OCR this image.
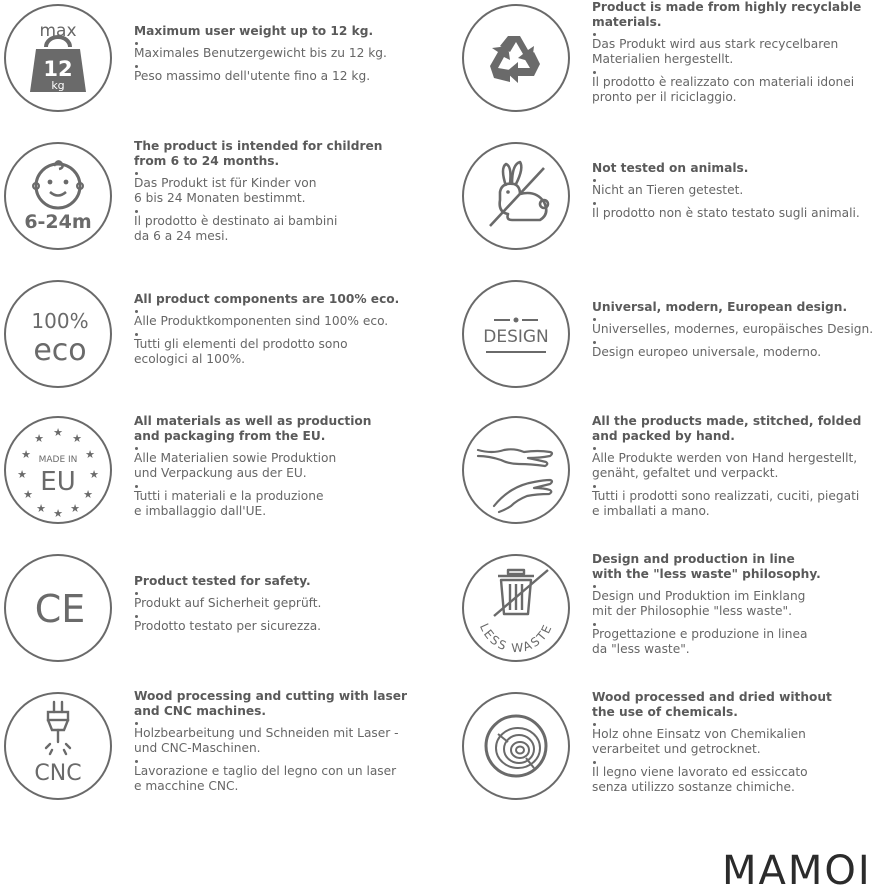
max
12
kg

Maximum user weight up to 12 kg.

Maximales Benutzergewicht bis zu 12 kg.

Peso massimo dell'utente fino a 12 kg.

Product is made from highly recyclable
materials.

Das Produkt wird aus stark recycelbaren
Materialien hergestellt.

Il prodotto è realizzato con materiali idonei
pronto per il riciclaggio.

6-24m

The product is intended for children
from 6 to 24 months.

Das Produkt ist für Kinder von
6 bis 24 Monaten bestimmt.

Il prodotto è destinato ai bambini
da 6 a 24 mesi.

Not tested on animals.

Nicht an Tieren getestet.

Il prodotto non è stato testato sugli animali.

100%
eco

All product components are 100% eco.

Alle Produktkomponenten sind 100% eco.

Tutti gli elementi del prodotto sono
ecologici al 100%.

DESIGN

Universal, modern, European design.

Universelles, modernes, europäisches Design.

Design europeo universale, moderno.

★
★	★
★	★
★	★
★	★
★ ★
★
MADE IN
EU

All materials as well as production
and packaging from the EU.

Alle Materialien sowie Produktion
und Verpackung aus der EU.

Tutti i materiali e la produzione
e imballaggio dall'UE.

All the products made, stitched, folded
and packed by hand.

Alle Produkte werden von Hand hergestellt,
genäht, gefaltet und verpackt.

Tutti i prodotti sono realizzati, cuciti, piegati
e imballati a mano.

CE

Product tested for safety.

Produkt auf Sicherheit geprüft.

Prodotto testato per sicurezza.	LESS WASTE

Design and production in line
with the "less waste" philosophy.

Design und Produktion im Einklang
mit der Philosophie "less waste".

Progettazione e produzione in linea
da "less waste".

CNC

Wood processing and cutting with laser
and CNC machines.

Holzbearbeitung und Schneiden mit Laser -
und CNC-Maschinen.

Lavorazione e taglio del legno con un laser
e macchine CNC.

Wood processed and dried without
the use of chemicals.

Holz ohne Einsatz von Chemikalien
verarbeitet und getrocknet.

Il legno viene lavorato ed essiccato
senza utilizzo sostanze chimiche.

MAMOI
